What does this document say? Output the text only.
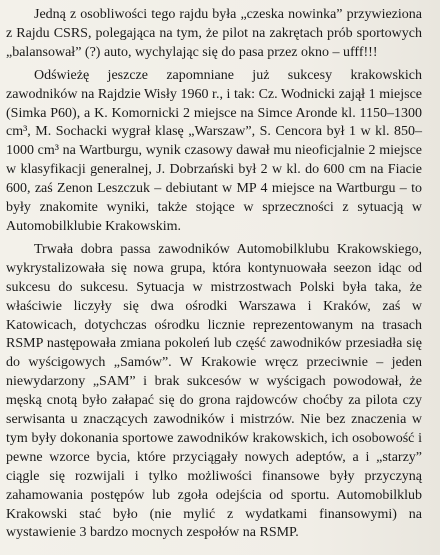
Jedną z osobliwości tego rajdu była „czeska nowinka” przywieziona z Rajdu CSRS, polegająca na tym, że pilot na zakrętach prób sportowych „balansował” (?) auto, wychylając się do pasa przez okno – ufff!!!

Odświeżę jeszcze zapomniane już sukcesy krakowskich zawodników na Rajdzie Wisły 1960 r., i tak: Cz. Wodnicki zajął 1 miejsce (Simka P60), a K. Komornicki 2 miejsce na Simce Aronde kl. 1150–1300 cm³, M. Sochacki wygrał klasę „Warszaw”, S. Cencora był 1 w kl. 850–1000 cm³ na Wartburgu, wynik czasowy dawał mu nieoficjalnie 2 miejsce w klasyfikacji generalnej, J. Dobrzański był 2 w kl. do 600 cm na Fiacie 600, zaś Zenon Leszczuk – debiutant w MP 4 miejsce na Wartburgu – to były znakomite wyniki, także stojące w sprzeczności z sytuacją w Automobilklubie Krakowskim.

Trwała dobra passa zawodników Automobilklubu Krakowskiego, wykrystalizowała się nowa grupa, która kontynuowała seezon idąc od sukcesu do sukcesu. Sytuacja w mistrzostwach Polski była taka, że właściwie liczyły się dwa ośrodki Warszawa i Kraków, zaś w Katowicach, dotychczas ośrodku licznie reprezentowanym na trasach RSMP następowała zmiana pokoleń lub część zawodników przesiadła się do wyścigowych „Samów”. W Krakowie wręcz przeciwnie – jeden niewydarzony „SAM” i brak sukcesów w wyścigach powodował, że męską cnotą było załapać się do grona rajdowców choćby za pilota czy serwisanta u znaczących zawodników i mistrzów. Nie bez znaczenia w tym były dokonania sportowe zawodników krakowskich, ich osobowość i pewne wzorce bycia, które przyciągały nowych adeptów, a i „starzy” ciągle się rozwijali i tylko możliwości finansowe były przyczyną zahamowania postępów lub zgoła odejścia od sportu. Automobilklub Krakowski stać było (nie mylić z wydatkami finansowymi) na wystawienie 3 bardzo mocnych zespołów na RSMP.
